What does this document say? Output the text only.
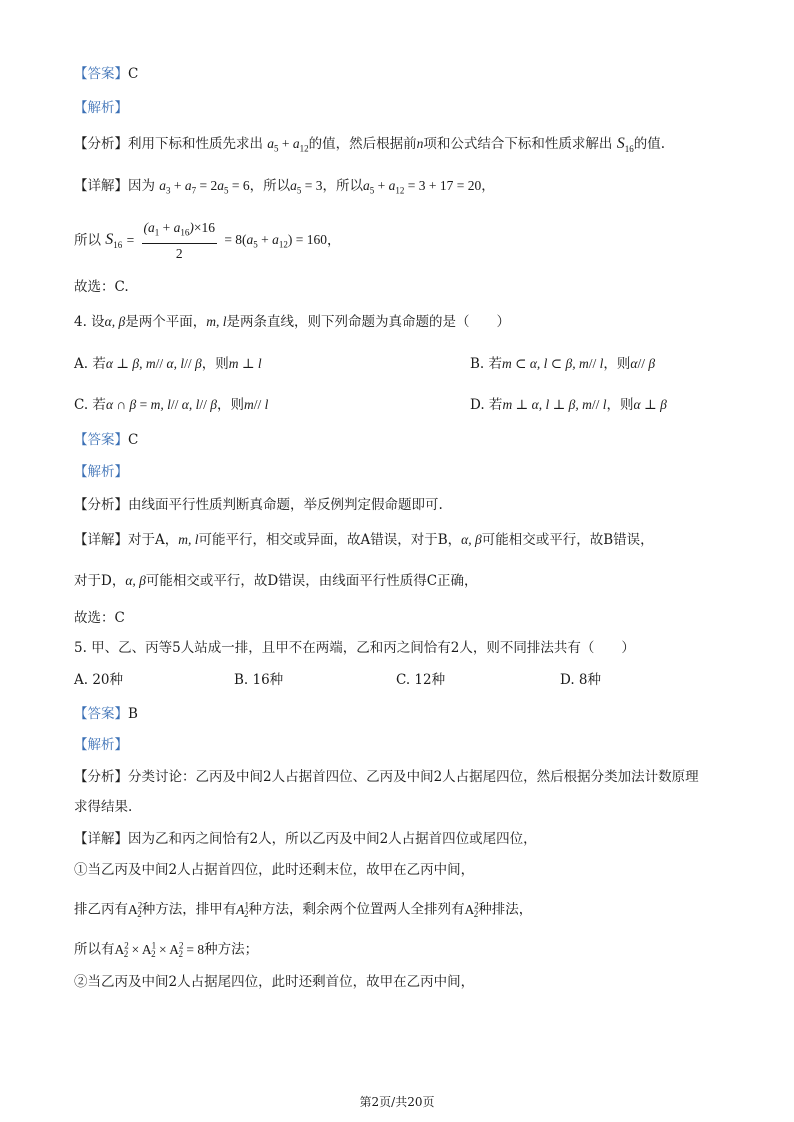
【答案】C
【解析】
【分析】利用下标和性质先求出 $a_5 + a_{12}$的值，然后根据前n项和公式结合下标和性质求解出 $S_{16}$的值.
【详解】因为 $a_3 + a_7 = 2a_5 = 6$，所以$a_5 = 3$，所以$a_5 + a_{12} = 3 + 17 = 20$，
所以 $S_{16} = \frac{(a_1 + a_{16})\times 16}{2} = 8(a_5 + a_{12}) = 160$，
故选：C.
4. 设α, β是两个平面，m, l是两条直线，则下列命题为真命题的是（　　）
A. 若α ⊥ β, m// α, l// β，则m ⊥ l	B. 若m ⊂ α, l ⊂ β, m// l，则α// β
C. 若α ∩ β = m, l// α, l// β，则m// l	D. 若m ⊥ α, l ⊥ β, m// l，则α ⊥ β
【答案】C
【解析】
【分析】由线面平行性质判断真命题，举反例判定假命题即可.
【详解】对于A，m, l可能平行，相交或异面，故A错误，对于B，α, β可能相交或平行，故B错误，
对于D，α, β可能相交或平行，故D错误，由线面平行性质得C正确，
故选：C
5. 甲、乙、丙等5人站成一排，且甲不在两端，乙和丙之间恰有2人，则不同排法共有（　　）
A. 20种	B. 16种	C. 12种	D. 8种
【答案】B
【解析】
【分析】分类讨论：乙丙及中间2人占据首四位、乙丙及中间2人占据尾四位，然后根据分类加法计数原理
求得结果.
【详解】因为乙和丙之间恰有2人，所以乙丙及中间2人占据首四位或尾四位，
①当乙丙及中间2人占据首四位，此时还剩末位，故甲在乙丙中间，
排乙丙有$A^2_2$种方法，排甲有$A^1_2$种方法，剩余两个位置两人全排列有$A^2_2$种排法，
所以有$A^2_2 \times A^1_2 \times A^2_2 = 8$种方法；
②当乙丙及中间2人占据尾四位，此时还剩首位，故甲在乙丙中间，
第2页/共20页
